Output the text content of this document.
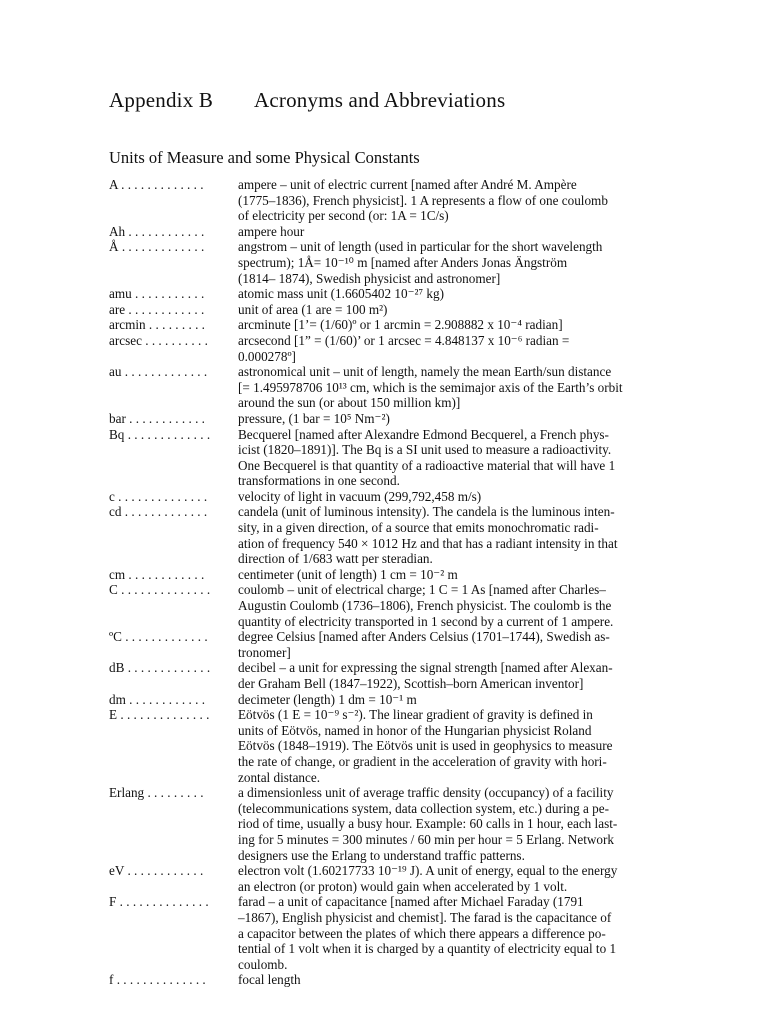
Appendix B Acronyms and Abbreviations
Units of Measure and some Physical Constants
A . . . . . . . . . . . . .	ampere – unit of electric current [named after André M. Ampère
(1775–1836), French physicist]. 1 A represents a flow of one coulomb
of electricity per second (or: 1A = 1C/s)
Ah . . . . . . . . . . . .	ampere hour
Å . . . . . . . . . . . . .	angstrom – unit of length (used in particular for the short wavelength
spectrum); 1Å= 10⁻¹⁰ m [named after Anders Jonas Ängström
(1814– 1874), Swedish physicist and astronomer]
amu . . . . . . . . . . .	atomic mass unit (1.6605402 10⁻²⁷ kg)
are . . . . . . . . . . . .	unit of area (1 are = 100 m²)
arcmin . . . . . . . . .	arcminute [1’= (1/60)º or 1 arcmin = 2.908882 x 10⁻⁴ radian]
arcsec . . . . . . . . . .	arcsecond [1” = (1/60)’ or 1 arcsec = 4.848137 x 10⁻⁶ radian =
0.000278º]
au . . . . . . . . . . . . .	astronomical unit – unit of length, namely the mean Earth/sun distance
[= 1.495978706 10¹³ cm, which is the semimajor axis of the Earth’s orbit
around the sun (or about 150 million km)]
bar . . . . . . . . . . . .	pressure, (1 bar = 10⁵ Nm⁻²)
Bq . . . . . . . . . . . . .	Becquerel [named after Alexandre Edmond Becquerel, a French phys-
icist (1820–1891)]. The Bq is a SI unit used to measure a radioactivity.
One Becquerel is that quantity of a radioactive material that will have 1
transformations in one second.
c . . . . . . . . . . . . . .	velocity of light in vacuum (299,792,458 m/s)
cd . . . . . . . . . . . . .	candela (unit of luminous intensity). The candela is the luminous inten-
sity, in a given direction, of a source that emits monochromatic radi-
ation of frequency 540 × 1012 Hz and that has a radiant intensity in that
direction of 1/683 watt per steradian.
cm . . . . . . . . . . . .	centimeter (unit of length) 1 cm = 10⁻² m
C . . . . . . . . . . . . . .	coulomb – unit of electrical charge; 1 C = 1 As [named after Charles–
Augustin Coulomb (1736–1806), French physicist. The coulomb is the
quantity of electricity transported in 1 second by a current of 1 ampere.
ºC . . . . . . . . . . . . .	degree Celsius [named after Anders Celsius (1701–1744), Swedish as-
tronomer]
dB . . . . . . . . . . . . .	decibel – a unit for expressing the signal strength [named after Alexan-
der Graham Bell (1847–1922), Scottish–born American inventor]
dm . . . . . . . . . . . .	decimeter (length) 1 dm = 10⁻¹ m
E . . . . . . . . . . . . . .	Eötvös (1 E = 10⁻⁹ s⁻²). The linear gradient of gravity is defined in
units of Eötvös, named in honor of the Hungarian physicist Roland
Eötvös (1848–1919). The Eötvös unit is used in geophysics to measure
the rate of change, or gradient in the acceleration of gravity with hori-
zontal distance.
Erlang . . . . . . . . .	a dimensionless unit of average traffic density (occupancy) of a facility
(telecommunications system, data collection system, etc.) during a pe-
riod of time, usually a busy hour. Example: 60 calls in 1 hour, each last-
ing for 5 minutes = 300 minutes / 60 min per hour = 5 Erlang. Network
designers use the Erlang to understand traffic patterns.
eV . . . . . . . . . . . .	electron volt (1.60217733 10⁻¹⁹ J). A unit of energy, equal to the energy
an electron (or proton) would gain when accelerated by 1 volt.
F . . . . . . . . . . . . . .	farad – a unit of capacitance [named after Michael Faraday (1791
–1867), English physicist and chemist]. The farad is the capacitance of
a capacitor between the plates of which there appears a difference po-
tential of 1 volt when it is charged by a quantity of electricity equal to 1
coulomb.
f . . . . . . . . . . . . . .	focal length
